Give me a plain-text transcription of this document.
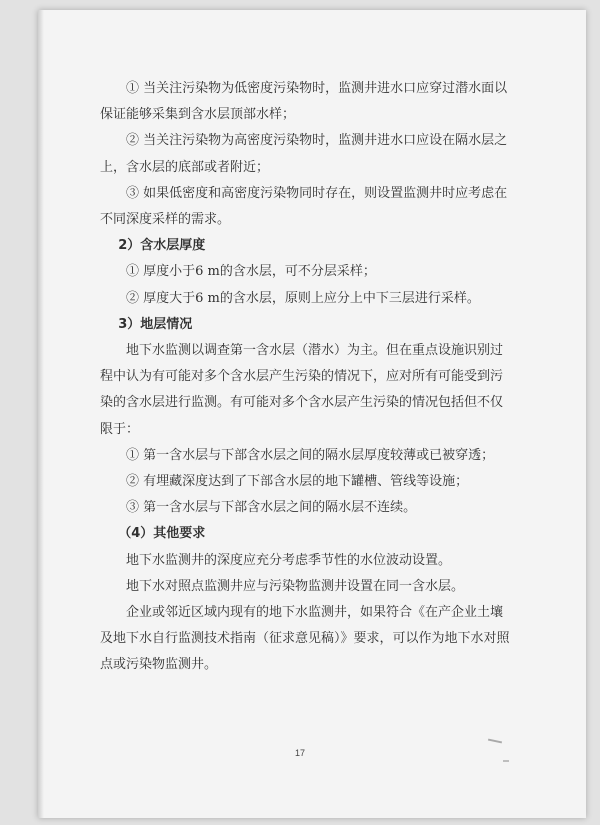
① 当关注污染物为低密度污染物时，监测井进水口应穿过潜水面以保证能够采集到含水层顶部水样；

② 当关注污染物为高密度污染物时，监测井进水口应设在隔水层之上，含水层的底部或者附近；

③ 如果低密度和高密度污染物同时存在，则设置监测井时应考虑在不同深度采样的需求。

2）含水层厚度

① 厚度小于6 m的含水层，可不分层采样；

② 厚度大于6 m的含水层，原则上应分上中下三层进行采样。

3）地层情况

地下水监测以调查第一含水层（潜水）为主。但在重点设施识别过程中认为有可能对多个含水层产生污染的情况下，应对所有可能受到污染的含水层进行监测。有可能对多个含水层产生污染的情况包括但不仅限于：

① 第一含水层与下部含水层之间的隔水层厚度较薄或已被穿透；

② 有埋藏深度达到了下部含水层的地下罐槽、管线等设施；

③ 第一含水层与下部含水层之间的隔水层不连续。

（4）其他要求

地下水监测井的深度应充分考虑季节性的水位波动设置。

地下水对照点监测井应与污染物监测井设置在同一含水层。

企业或邻近区域内现有的地下水监测井，如果符合《在产企业土壤及地下水自行监测技术指南（征求意见稿）》要求，可以作为地下水对照点或污染物监测井。

17
